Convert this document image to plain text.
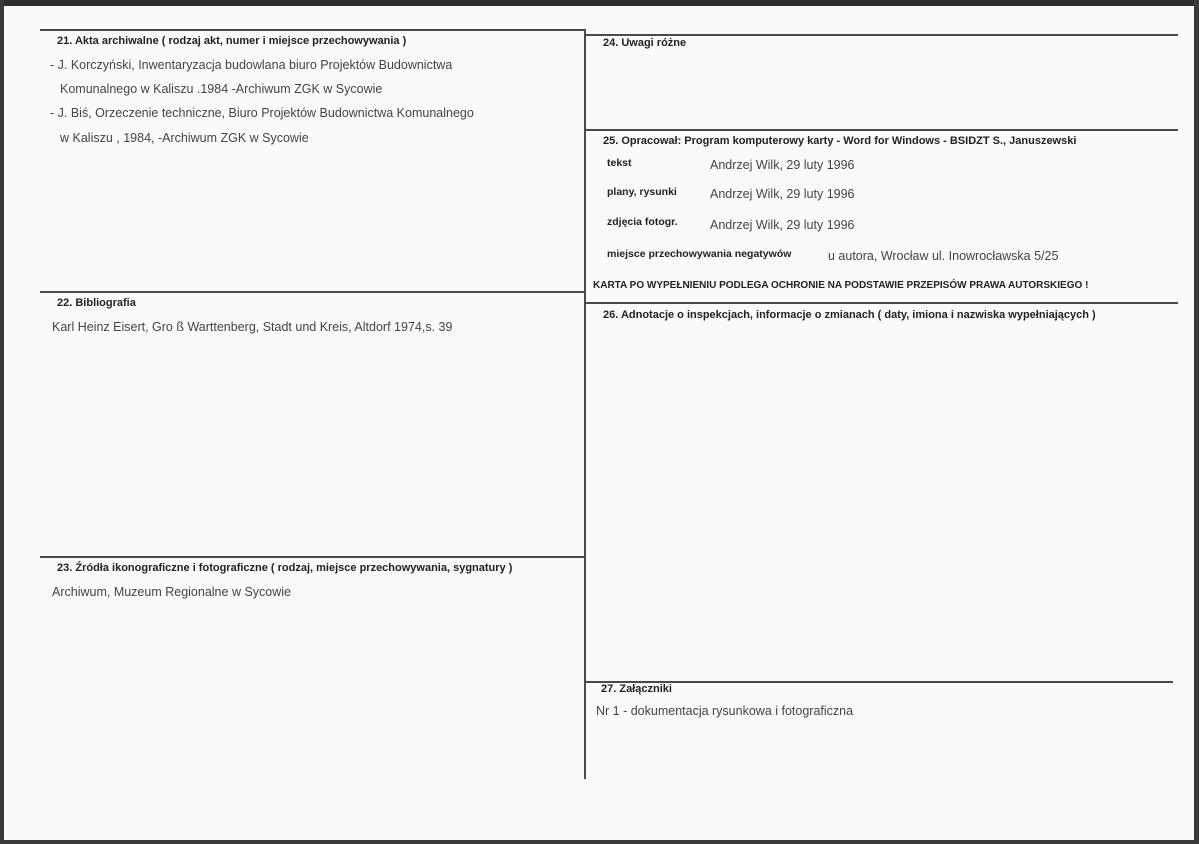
21. Akta archiwalne ( rodzaj akt, numer i miejsce przechowywania )
- J. Korczyński, Inwentaryzacja budowlana biuro Projektów Budownictwa
Komunalnego w Kaliszu .1984 -Archiwum ZGK w Sycowie
- J. Biś, Orzeczenie techniczne, Biuro Projektów Budownictwa Komunalnego
w Kaliszu , 1984, -Archiwum ZGK w Sycowie
22. Bibliografia
Karl Heinz Eisert, Gro ß Warttenberg, Stadt und Kreis, Altdorf 1974,s. 39
23. Źródła ikonograficzne i fotograficzne ( rodzaj, miejsce przechowywania, sygnatury )
Archiwum, Muzeum Regionalne w Sycowie
24. Uwagi różne
25. Opracował: Program komputerowy karty - Word for Windows - BSIDZT S., Januszewski
tekst	Andrzej Wilk, 29 luty 1996
plany, rysunki	Andrzej Wilk, 29 luty 1996
zdjęcia fotogr.	Andrzej Wilk, 29 luty 1996
miejsce przechowywania negatywów	u autora, Wrocław ul. Inowrocławska 5/25
KARTA PO WYPEŁNIENIU PODLEGA OCHRONIE NA PODSTAWIE PRZEPISÓW PRAWA AUTORSKIEGO !
26. Adnotacje o inspekcjach, informacje o zmianach ( daty, imiona i nazwiska wypełniających )
27. Załączniki
Nr 1 - dokumentacja rysunkowa i fotograficzna
